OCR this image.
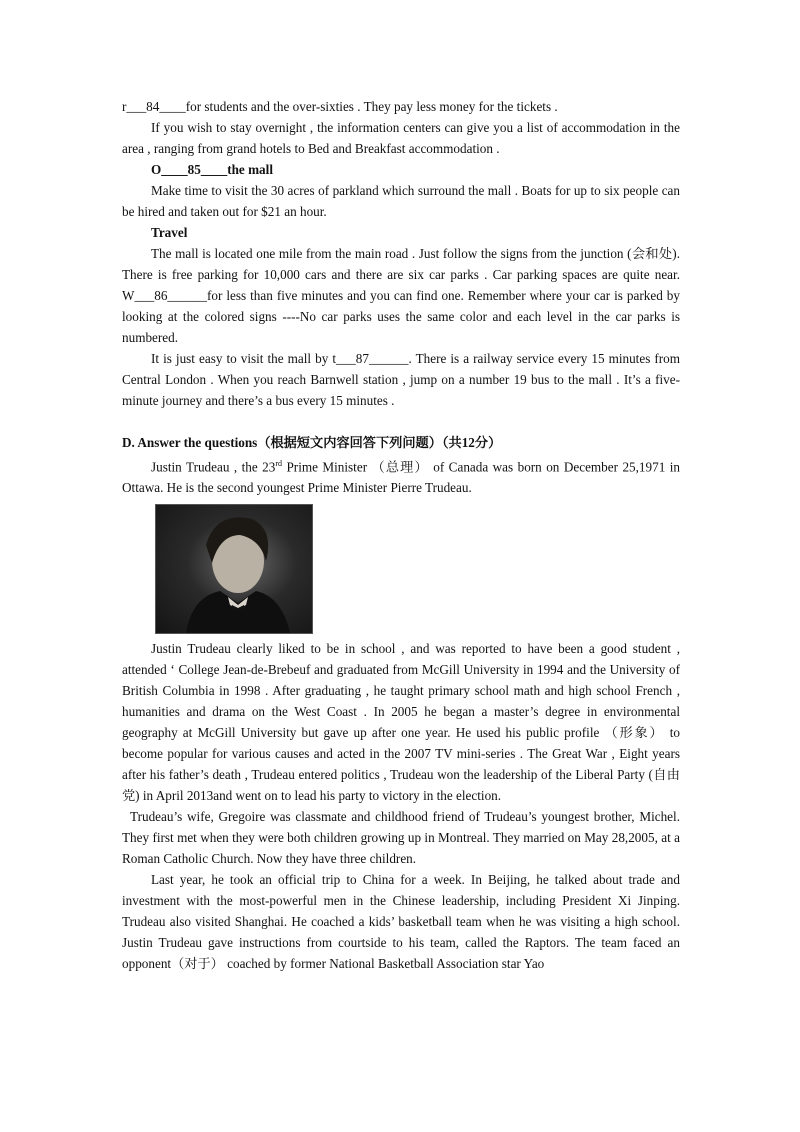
r___84____for students and the over-sixties . They pay less money for the tickets .

If you wish to stay overnight , the information centers can give you a list of accommodation in the area , ranging from grand hotels to Bed and Breakfast accommodation .

O____85____the mall

Make time to visit the 30 acres of parkland which surround the mall . Boats for up to six people can be hired and taken out for $21 an hour.

Travel

The mall is located one mile from the main road . Just follow the signs from the junction (会和处). There is free parking for 10,000 cars and there are six car parks . Car parking spaces are quite near. W___86______for less than five minutes and you can find one. Remember where your car is parked by looking at the colored signs ----No car parks uses the same color and each level in the car parks is numbered.

It is just easy to visit the mall by t___87______. There is a railway service every 15 minutes from Central London . When you reach Barnwell station , jump on a number 19 bus to the mall . It’s a five-minute journey and there’s a bus every 15 minutes .

D. Answer the questions（根据短文内容回答下列问题）（共12分）

Justin Trudeau , the 23rd Prime Minister （总理） of Canada was born on December 25,1971 in Ottawa. He is the second youngest Prime Minister Pierre Trudeau.

Justin Trudeau clearly liked to be in school , and was reported to have been a good student , attended ‘ College Jean-de-Brebeuf and graduated from McGill University in 1994 and the University of British Columbia in 1998 . After graduating , he taught primary school math and high school French , humanities and drama on the West Coast . In 2005 he began a master’s degree in environmental geography at McGill University but gave up after one year. He used his public profile （形象） to become popular for various causes and acted in the 2007 TV mini-series . The Great War , Eight years after his father’s death , Trudeau entered politics , Trudeau won the leadership of the Liberal Party (自由党) in April 2013and went on to lead his party to victory in the election.

Trudeau’s wife, Gregoire was classmate and childhood friend of Trudeau’s youngest brother, Michel. They first met when they were both children growing up in Montreal. They married on May 28,2005, at a Roman Catholic Church. Now they have three children.

Last year, he took an official trip to China for a week. In Beijing, he talked about trade and investment with the most-powerful men in the Chinese leadership, including President Xi Jinping. Trudeau also visited Shanghai. He coached a kids’ basketball team when he was visiting a high school. Justin Trudeau gave instructions from courtside to his team, called the Raptors. The team faced an opponent（对于） coached by former National Basketball Association star Yao
